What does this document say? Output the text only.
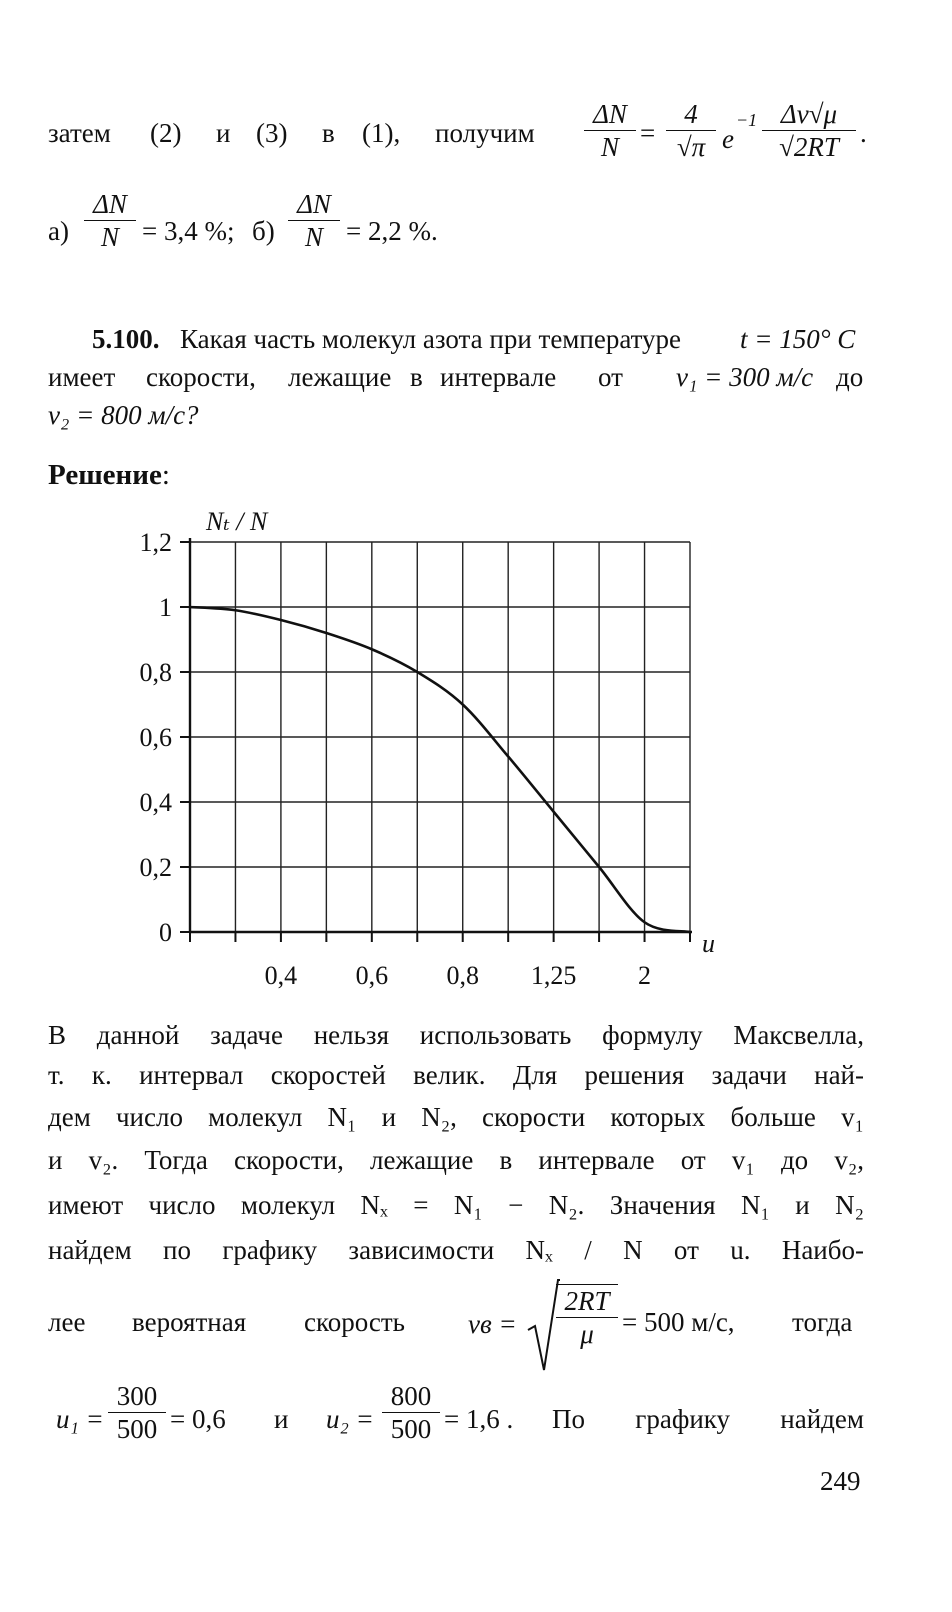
затем (2) и (3) в (1), получим
ΔN
N =
4
√π e
−1 Δv√μ
√2RT .
а)
ΔN
N = 3,4 %; б)
ΔN
N = 2,2 %.
5.100. Какая часть молекул азота при температуре t = 150° C
имеет скорости, лежащие в интервале от v₁ = 300 м/с до
v₂ = 800 м/с?
Решение:
1,2
1
0,8
0,6
0,4
0,2
0
0,4 0,6 0,8 1,25 2
Nₜ / N
u
В данной задаче нельзя использовать формулу Максвелла,
т. к. интервал скоростей велик. Для решения задачи най-
дем число молекул N₁ и N₂, скорости которых больше v₁
и v₂. Тогда скорости, лежащие в интервале от v₁ до v₂,
имеют число молекул Nₓ = N₁ − N₂. Значения N₁ и N₂
найдем по графику зависимости Nₓ / N от u. Наибо-
лее вероятная скорость vв =
2RT
μ	= 500 м/с, тогда
u₁ =
300
500 = 0,6 и u₂ =
800
500 = 1,6 . По графику найдем
249
